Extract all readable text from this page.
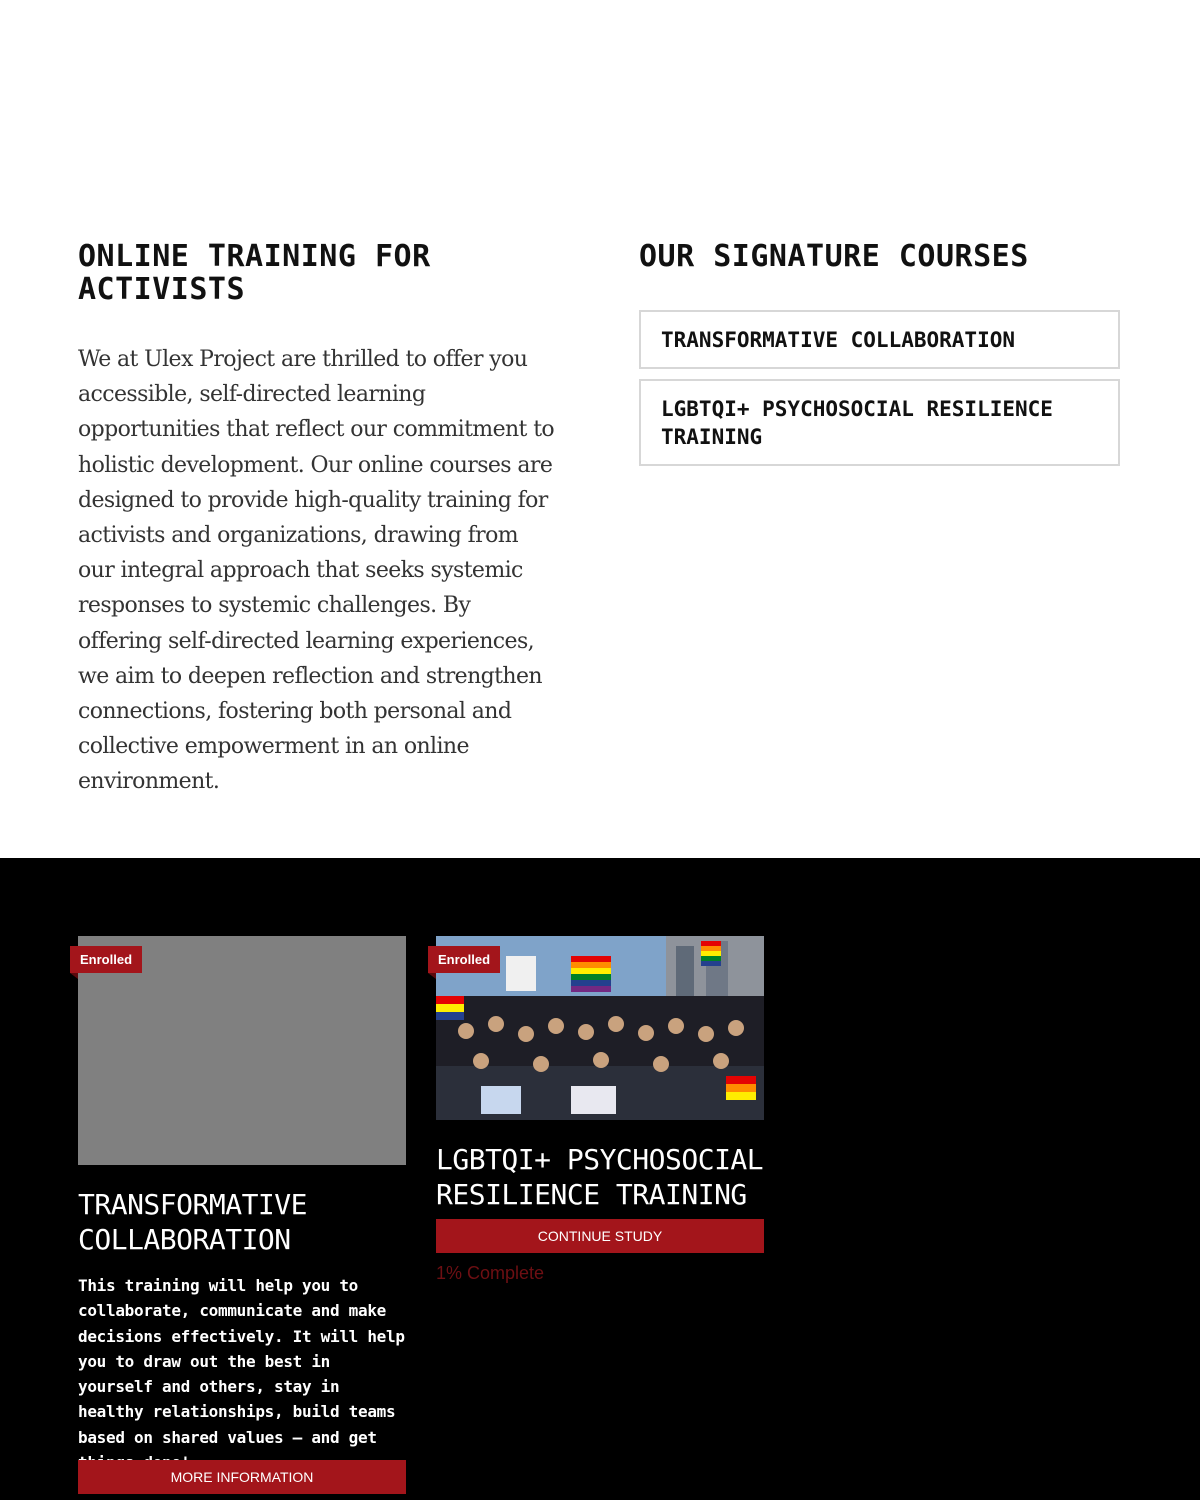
ONLINE TRAINING FOR ACTIVISTS

We at Ulex Project are thrilled to offer you accessible, self-directed learning opportunities that reflect our commitment to holistic development. Our online courses are designed to provide high-quality training for activists and organizations, drawing from our integral approach that seeks systemic responses to systemic challenges. By offering self-directed learning experiences, we aim to deepen reflection and strengthen connections, fostering both personal and collective empowerment in an online environment.

OUR SIGNATURE COURSES
TRANSFORMATIVE COLLABORATION
LGBTQI+ PSYCHOSOCIAL RESILIENCE TRAINING
Enrolled
TRANSFORMATIVE COLLABORATION

This training will help you to collaborate, communicate and make decisions effectively. It will help you to draw out the best in yourself and others, stay in healthy relationships, build teams based on shared values – and get

MORE INFORMATION
Enrolled
LGBTQI+ PSYCHOSOCIAL RESILIENCE TRAINING
CONTINUE STUDY
1% Complete
